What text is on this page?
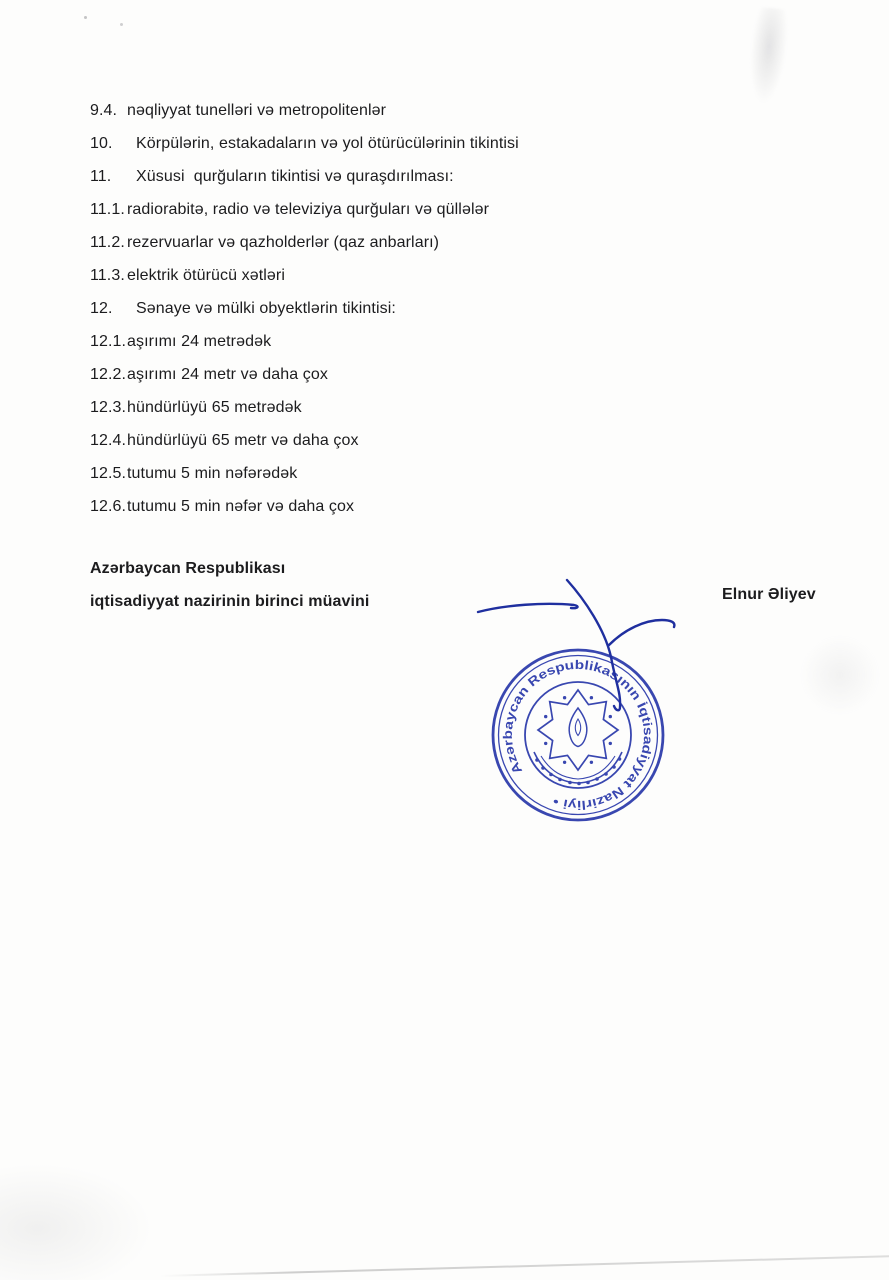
9.4. nəqliyyat tunelləri və metropolitenlər
10.	Körpülərin, estakadaların və yol ötürücülərinin tikintisi
11.	Xüsusi  qurğuların tikintisi və quraşdırılması:
11.1. radiorabitə, radio və televiziya qurğuları və qüllələr
11.2. rezervuarlar və qazholderlər (qaz anbarları)
11.3. elektrik ötürücü xətləri
12.	Sənaye və mülki obyektlərin tikintisi:
12.1. aşırımı 24 metrədək
12.2. aşırımı 24 metr və daha çox
12.3. hündürlüyü 65 metrədək
12.4. hündürlüyü 65 metr və daha çox
12.5. tutumu 5 min nəfərədək
12.6. tutumu 5 min nəfər və daha çox
Azərbaycan Respublikası
iqtisadiyyat nazirinin birinci müavini	Elnur Əliyev
Azərbaycan Respublikasının İqtisadiyyat Nazirliyi •
